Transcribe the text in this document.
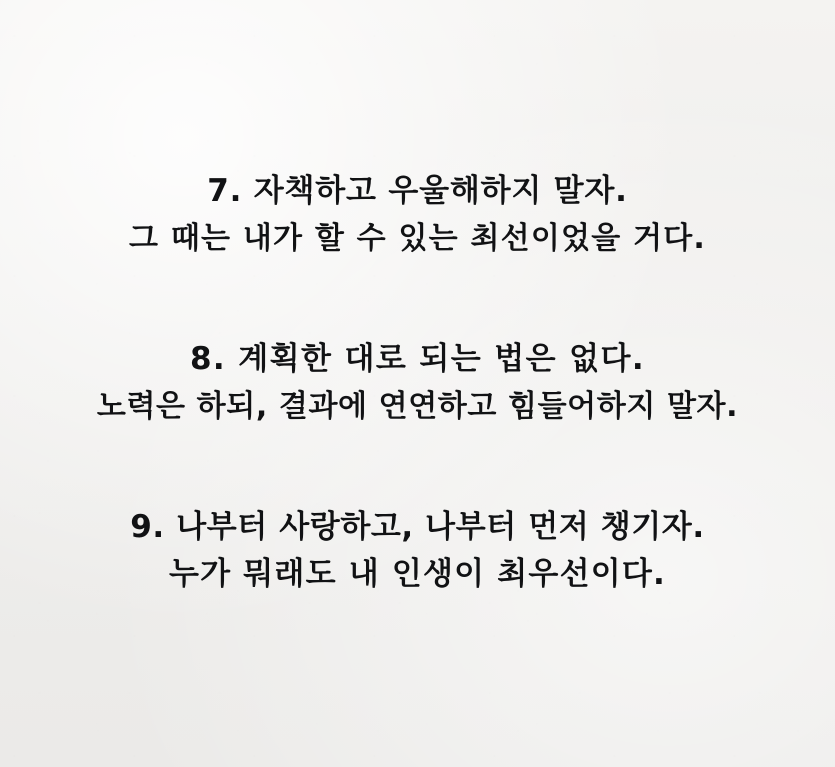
7. 자책하고 우울해하지 말자.
그 때는 내가 할 수 있는 최선이었을 거다.
8. 계획한 대로 되는 법은 없다.
노력은 하되, 결과에 연연하고 힘들어하지 말자.
9. 나부터 사랑하고, 나부터 먼저 챙기자.
누가 뭐래도 내 인생이 최우선이다.
